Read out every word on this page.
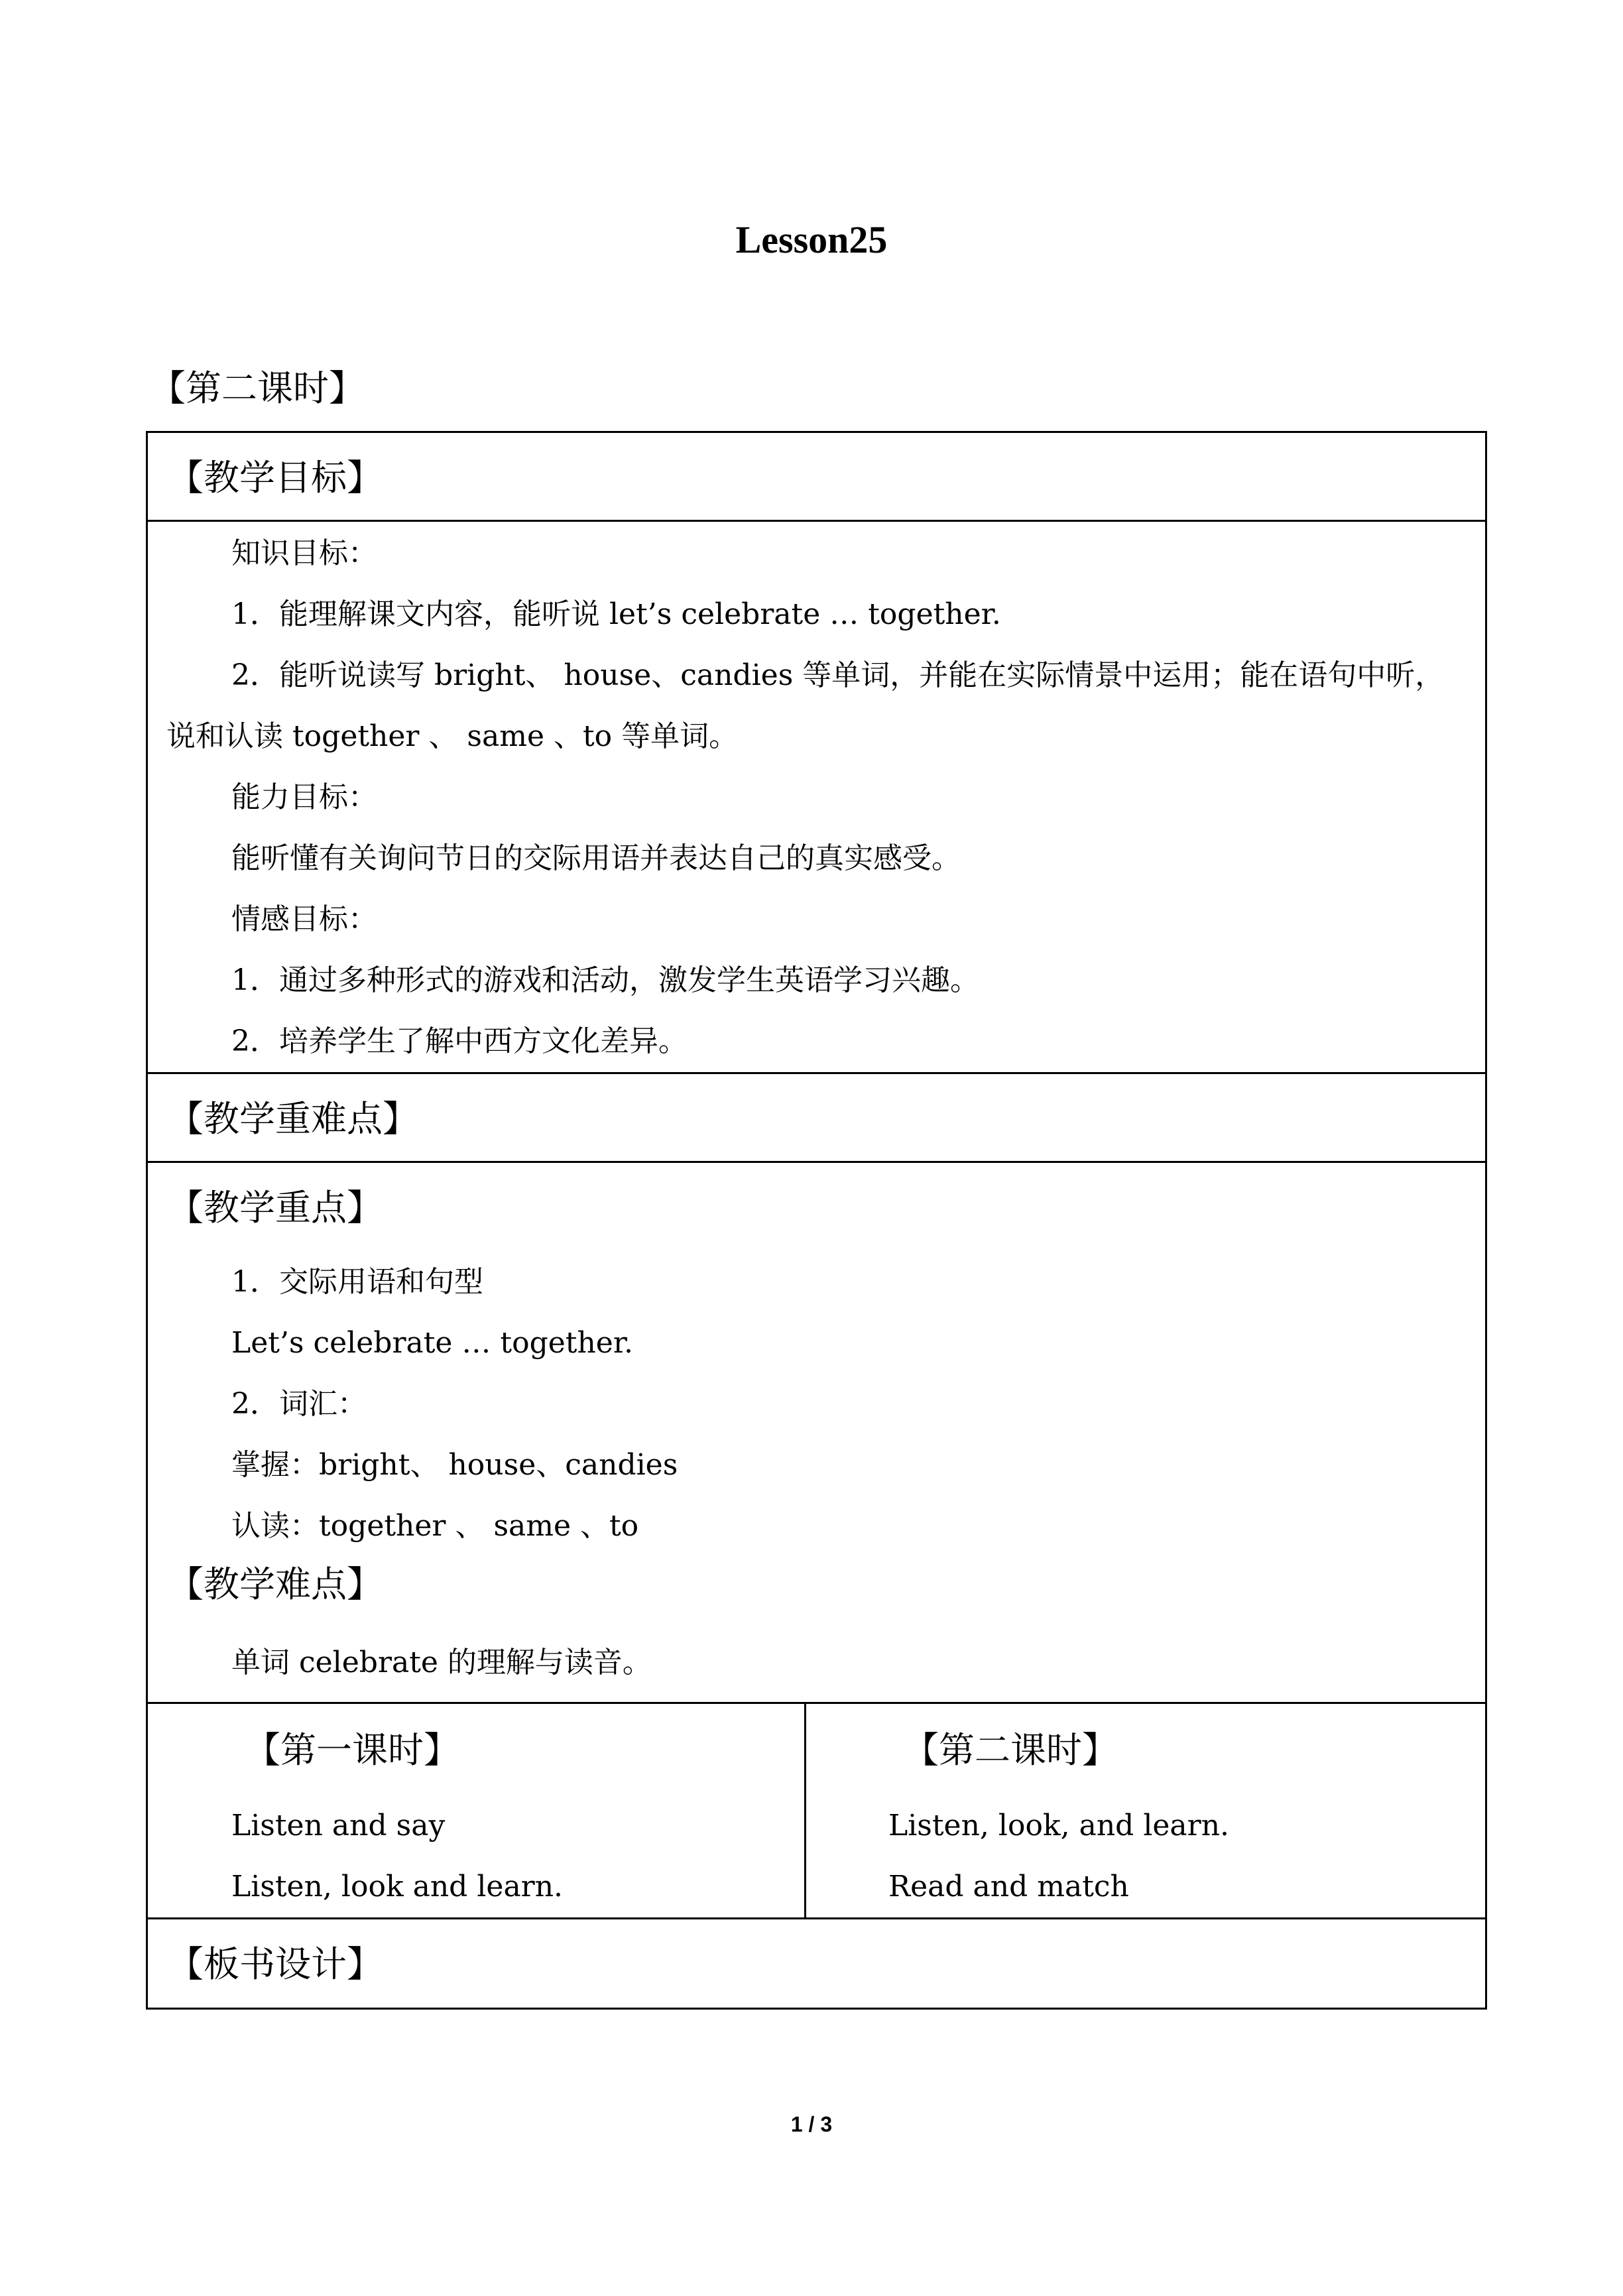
Lesson25
【第二课时】
【教学目标】

知识目标：
1．能理解课文内容，能听说 let’s celebrate … together.
2．能听说读写 bright、 house、candies 等单词，并能在实际情景中运用；能在语句中听，说和认读 together 、 same 、to 等单词。
能力目标：
能听懂有关询问节日的交际用语并表达自己的真实感受。
情感目标：
1．通过多种形式的游戏和活动，激发学生英语学习兴趣。
2．培养学生了解中西方文化差异。

【教学重难点】

【教学重点】
1．交际用语和句型
Let’s celebrate … together.
2．词汇：
掌握：bright、 house、candies
认读：together 、 same 、to
【教学难点】
单词 celebrate 的理解与读音。

【第一课时】
Listen and say
Listen, look and learn.

【第二课时】
Listen, look, and learn.
Read and match

【板书设计】
1 / 3
